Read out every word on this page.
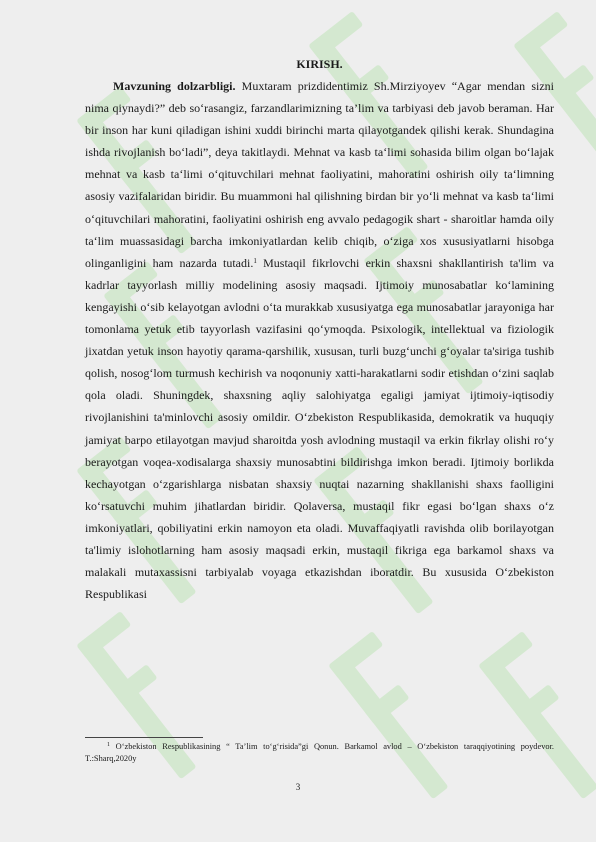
KIRISH.

Mavzuning dolzarbligi. Muxtaram prizdidentimiz Sh.Mirziyoyev “Agar mendan sizni nima qiynaydi?” deb so‘rasangiz, farzandlarimizning ta’lim va tarbiyasi deb javob beraman. Har bir inson har kuni qiladigan ishini xuddi birinchi marta qilayotgandek qilishi kerak. Shundagina ishda rivojlanish bo‘ladi”, deya takitlaydi. Mehnat va kasb ta‘limi sohasida bilim olgan bo‘lajak mehnat va kasb ta‘limi o‘qituvchilari mehnat faoliyatini, mahoratini oshirish oily ta‘limning asosiy vazifalaridan biridir. Bu muammoni hal qilishning birdan bir yo‘li mehnat va kasb ta‘limi o‘qituvchilari mahoratini, faoliyatini oshirish eng avvalo pedagogik shart - sharoitlar hamda oily ta‘lim muassasidagi barcha imkoniyatlardan kelib chiqib, o‘ziga xos xususiyatlarni hisobga olinganligini ham nazarda tutadi.$^1$ Mustaqil fikrlovchi erkin shaxsni shakllantirish ta'lim va kadrlar tayyorlash milliy modelining asosiy maqsadi. Ijtimoiy munosabatlar ko‘lamining kengayishi o‘sib kelayotgan avlodni o‘ta murakkab xususiyatga ega munosabatlar jarayoniga har tomonlama yetuk etib tayyorlash vazifasini qo‘ymoqda. Psixologik, intellektual va fiziologik jixatdan yetuk inson hayotiy qarama-qarshilik, xususan, turli buzg‘unchi g‘oyalar ta'siriga tushib qolish, nosog‘lom turmush kechirish va noqonuniy xatti-harakatlarni sodir etishdan o‘zini saqlab qola oladi. Shuningdek, shaxsning aqliy salohiyatga egaligi jamiyat ijtimoiy-iqtisodiy rivojlanishini ta'minlovchi asosiy omildir. O‘zbekiston Respublikasida, demokratik va huquqiy jamiyat barpo etilayotgan mavjud sharoitda yosh avlodning mustaqil va erkin fikrlay olishi ro‘y berayotgan voqea-xodisalarga shaxsiy munosabtini bildirishga imkon beradi. Ijtimoiy borlikda kechayotgan o‘zgarishlarga nisbatan shaxsiy nuqtai nazarning shakllanishi shaxs faolligini ko‘rsatuvchi muhim jihatlardan biridir. Qolaversa, mustaqil fikr egasi bo‘lgan shaxs o‘z imkoniyatlari, qobiliyatini erkin namoyon eta oladi. Muvaffaqiyatli ravishda olib borilayotgan ta'limiy islohotlarning ham asosiy maqsadi erkin, mustaqil fikriga ega barkamol shaxs va malakali mutaxassisni tarbiyalab voyaga etkazishdan iboratdir. Bu xususida O‘zbekiston Respublikasi

$^1$ O‘zbekiston Respublikasining “ Ta’lim to‘g‘risida”gi Qonun. Barkamol avlod – O‘zbekiston taraqqiyotining poydevor. T.:Sharq,2020y
3
